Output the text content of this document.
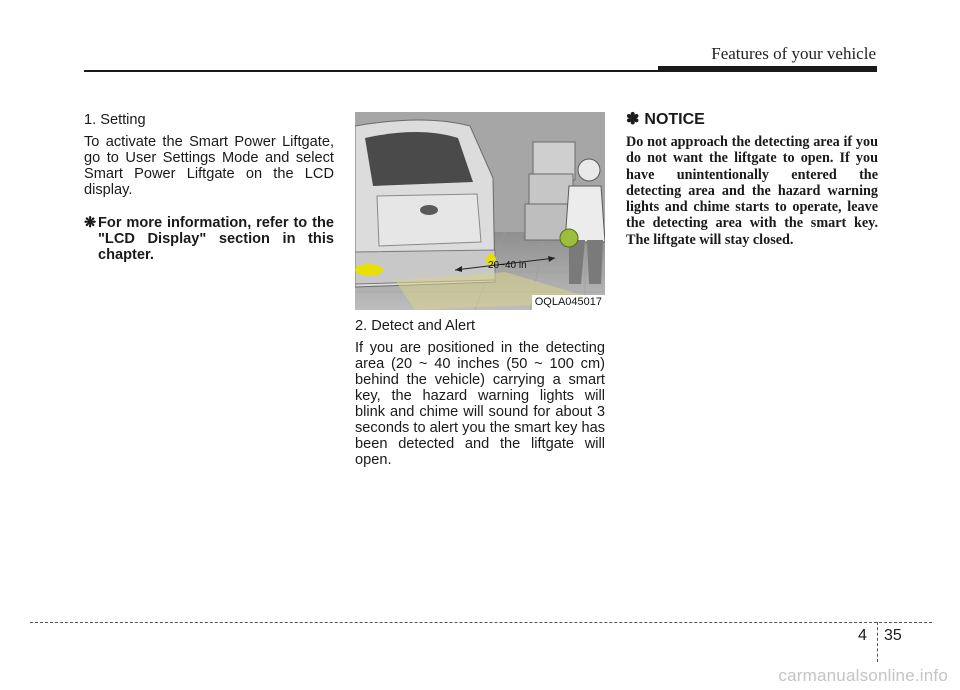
Features of your vehicle

1. Setting

To activate the Smart Power Liftgate, go to User Settings Mode and select Smart Power Liftgate on the LCD display.

❋ For more information, refer to the "LCD Display" section in this chapter.
20~40 in
OQLA045017

2. Detect and Alert

If you are positioned in the detecting area (20 ~ 40 inches (50 ~ 100 cm) behind the vehicle) carrying a smart key, the hazard warning lights will blink and chime will sound for about 3 seconds to alert you the smart key has been detected and the liftgate will open.

✽ NOTICE

Do not approach the detecting area if you do not want the liftgate to open. If you have unintentionally entered the detecting area and the hazard warning lights and chime starts to operate, leave the detecting area with the smart key. The liftgate will stay closed.

4 35
carmanualsonline.info
